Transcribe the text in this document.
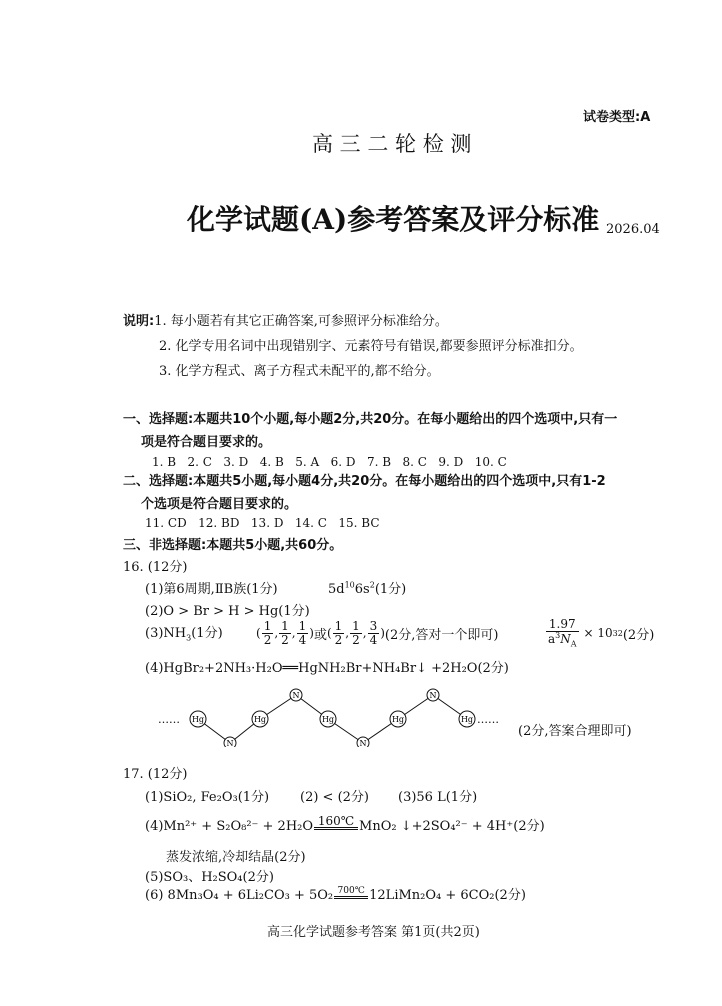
试卷类型:A
高 三 二 轮 检 测
化学试题(A)参考答案及评分标准 2026.04
说明:1. 每小题若有其它正确答案,可参照评分标准给分。
2. 化学专用名词中出现错别字、元素符号有错误,都要参照评分标准扣分。
3. 化学方程式、离子方程式未配平的,都不给分。
一、选择题:本题共10个小题,每小题2分,共20分。在每小题给出的四个选项中,只有一
项是符合题目要求的。
1. B   2. C   3. D   4. B   5. A   6. D   7. B   8. C   9. D   10. C
二、选择题:本题共5小题,每小题4分,共20分。在每小题给出的四个选项中,只有1-2
个选项是符合题目要求的。
11. CD   12. BD   13. D   14. C   15. BC
三、非选择题:本题共5小题,共60分。
16. (12分)
(1)第6周期,ⅡB族(1分)	$5d^{10}6s^2(1$分)
(2)O > Br > H > Hg(1分)
$(3)NH_3(1$分)	( $\frac{1}{2}$ , $\frac{1}{2}$ , $\frac{1}{4}$ ) 或 ( $\frac{1}{2}$ , $\frac{1}{2}$ , $\frac{3}{4}$ ) (2分,答对一个即可)	$\frac{1.97}{a^3N_A} \times 10$ 32 (2分)
(4)HgBr₂+2NH₃·H₂O══HgNH₂Br+NH₄Br↓ +2H₂O(2分)
……	……
Hg
N
Hg
N
Hg
N
Hg
N
Hg
(2分,答案合理即可)
17. (12分)
(1)SiO₂, Fe₂O₃(1分) (2) < (2分) (3)56 L(1分)
(4)Mn²⁺ + S₂O₈²⁻ + 2H₂O 160℃ MnO₂ ↓+2SO₄²⁻ + 4H⁺(2分)
蒸发浓缩,冷却结晶(2分)
(5)SO₃、H₂SO₄(2分)
(6) 8Mn₃O₄ + 6Li₂CO₃ + 5O₂ 700℃ 12LiMn₂O₄ + 6CO₂(2分)
高三化学试题参考答案 第1页(共2页)
